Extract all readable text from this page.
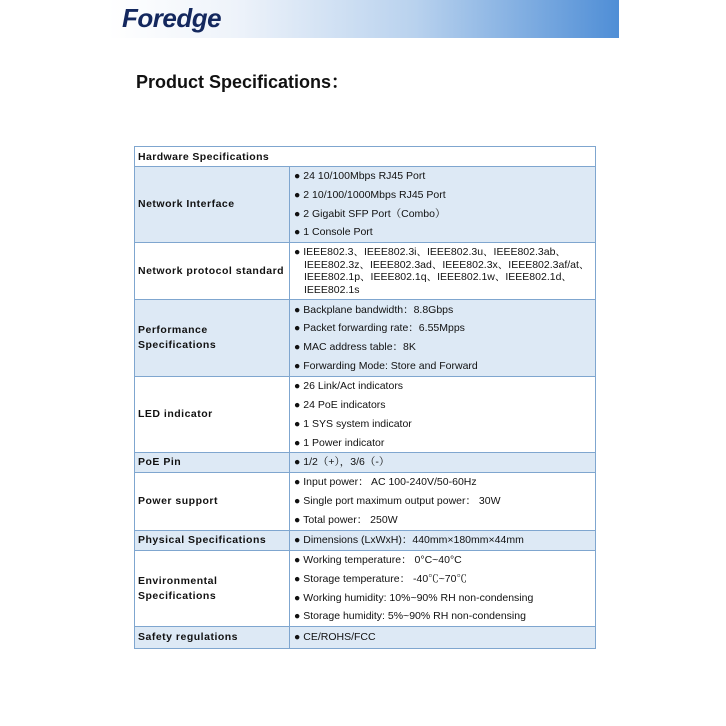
Foredge
Product Specifications：
Hardware Specifications	
Network Interface	● 24 10/100Mbps RJ45 Port
● 2 10/100/1000Mbps RJ45 Port
● 2 Gigabit SFP Port（Combo）
● 1 Console Port

Network protocol standard	● IEEE802.3、IEEE802.3i、IEEE802.3u、IEEE802.3ab、IEEE802.3z、IEEE802.3ad、IEEE802.3x、IEEE802.3af/at、IEEE802.1p、IEEE802.1q、IEEE802.1w、IEEE802.1d、IEEE802.1s

Performance Specifications	● Backplane bandwidth：8.8Gbps
● Packet forwarding rate：6.55Mpps
● MAC address table：8K
● Forwarding Mode: Store and Forward

LED indicator	● 26 Link/Act indicators
● 24 PoE indicators
● 1 SYS system indicator
● 1 Power indicator

PoE Pin	● 1/2（+），3/6（-）

Power support	● Input power： AC 100-240V/50-60Hz
● Single port maximum output power： 30W
● Total power： 250W

Physical Specifications	● Dimensions (LxWxH)：440mm×180mm×44mm

Environmental Specifications	● Working temperature： 0°C~40°C
● Storage temperature： -40℃~70℃
● Working humidity: 10%~90% RH non-condensing
● Storage humidity: 5%~90% RH non-condensing

Safety regulations	● CE/ROHS/FCC
